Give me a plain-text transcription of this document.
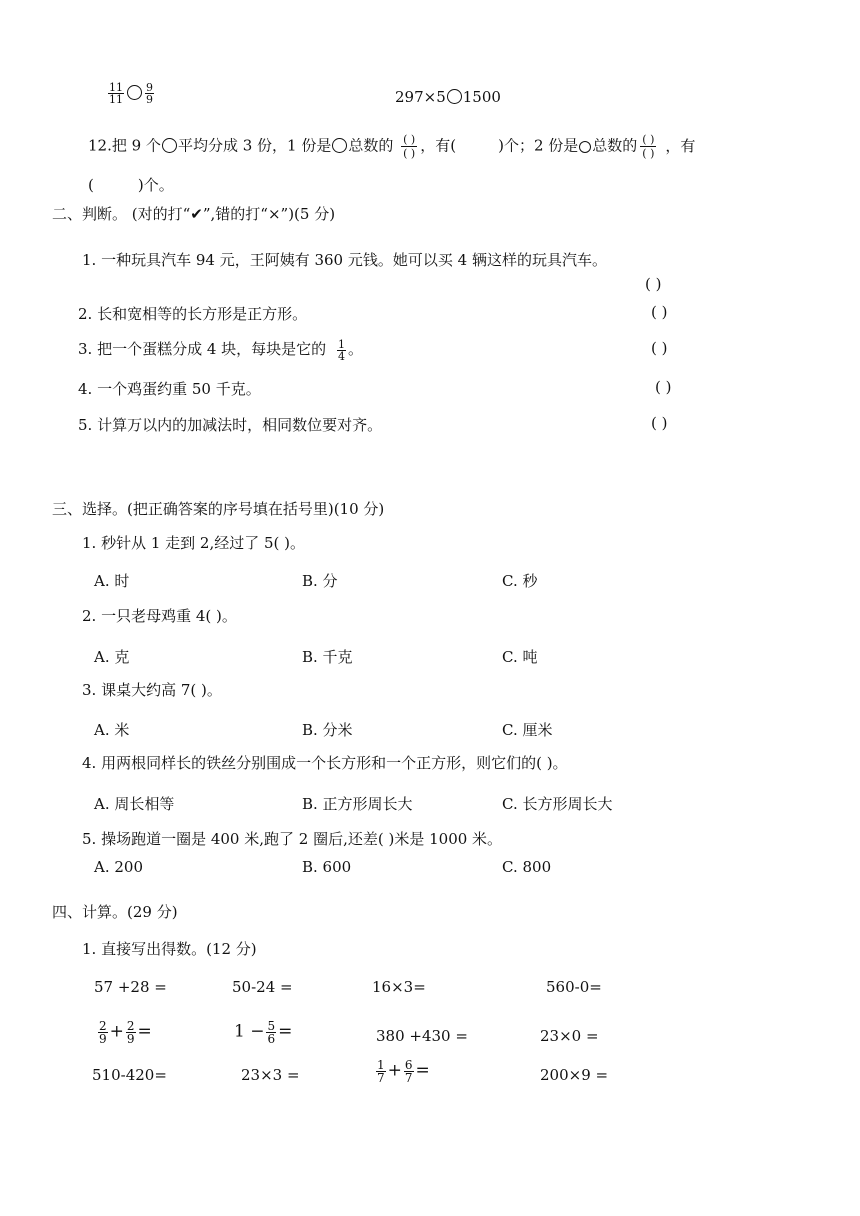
$\frac{11}{11} \frac{9}{9}$	297×5 1500
12.把 9 个 平均分成 3 份，1 份是 总数的 $\frac{( )}{( )}$ ，有(	)个；2 份是 总数的 $\frac{( )}{( )}$ ，有
(	)个。
二、判断。 (对的打“✔”,错的打“×”)(5 分)
1. 一种玩具汽车 94 元，王阿姨有 360 元钱。她可以买 4 辆这样的玩具汽车。
( )
2. 长和宽相等的长方形是正方形。	( )
3. 把一个蛋糕分成 4 块，每块是它的 $\frac{1}{4}$ 。	( )
4. 一个鸡蛋约重 50 千克。	( )
5. 计算万以内的加减法时，相同数位要对齐。	( )
三、选择。(把正确答案的序号填在括号里)(10 分)
1. 秒针从 1 走到 2,经过了 5( )。
A. 时	B. 分	C. 秒
2. 一只老母鸡重 4( )。
A. 克	B. 千克	C. 吨
3. 课桌大约高 7( )。
A. 米	B. 分米	C. 厘米
4. 用两根同样长的铁丝分别围成一个长方形和一个正方形，则它们的( )。
A. 周长相等	B. 正方形周长大	C. 长方形周长大
5. 操场跑道一圈是 400 米,跑了 2 圈后,还差( )米是 1000 米。
A. 200	B. 600	C. 800
四、计算。(29 分)
1. 直接写出得数。(12 分)
57 +28 =	50-24 =	16×3=	560-0=
$\frac{2}{9} + \frac{2}{9}$ =	$1 - \frac{5}{6}$ =	380 +430 =	23×0 =
510-420=	23×3 =	$\frac{1}{7} + \frac{6}{7}$ =	200×9 =
